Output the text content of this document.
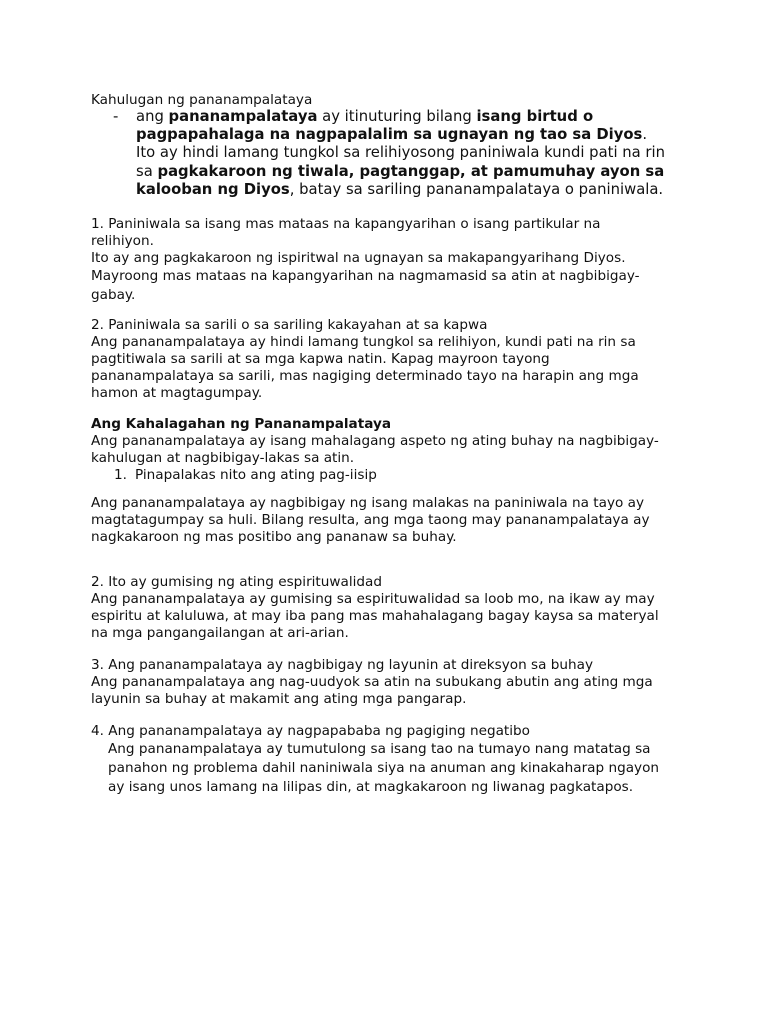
Kahulugan ng pananampalataya

- ang pananampalataya ay itinuturing bilang isang birtud o
pagpapahalaga na nagpapalalim sa ugnayan ng tao sa Diyos.
Ito ay hindi lamang tungkol sa relihiyosong paniniwala kundi pati na rin
sa pagkakaroon ng tiwala, pagtanggap, at pamumuhay ayon sa
kalooban ng Diyos, batay sa sariling pananampalataya o paniniwala.

1. Paniniwala sa isang mas mataas na kapangyarihan o isang partikular na

relihiyon.

Ito ay ang pagkakaroon ng ispiritwal na ugnayan sa makapangyarihang Diyos.

Mayroong mas mataas na kapangyarihan na nagmamasid sa atin at nagbibigay-

gabay.

2. Paniniwala sa sarili o sa sariling kakayahan at sa kapwa

Ang pananampalataya ay hindi lamang tungkol sa relihiyon, kundi pati na rin sa

pagtitiwala sa sarili at sa mga kapwa natin. Kapag mayroon tayong

pananampalataya sa sarili, mas nagiging determinado tayo na harapin ang mga

hamon at magtagumpay.

Ang Kahalagahan ng Pananampalataya

Ang pananampalataya ay isang mahalagang aspeto ng ating buhay na nagbibigay-

kahulugan at nagbibigay-lakas sa atin.

1. Pinapalakas nito ang ating pag-iisip

Ang pananampalataya ay nagbibigay ng isang malakas na paniniwala na tayo ay

magtatagumpay sa huli. Bilang resulta, ang mga taong may pananampalataya ay

nagkakaroon ng mas positibo ang pananaw sa buhay.

2. Ito ay gumising ng ating espirituwalidad

Ang pananampalataya ay gumising sa espirituwalidad sa loob mo, na ikaw ay may

espiritu at kaluluwa, at may iba pang mas mahahalagang bagay kaysa sa materyal

na mga pangangailangan at ari-arian.

3. Ang pananampalataya ay nagbibigay ng layunin at direksyon sa buhay

Ang pananampalataya ang nag-uudyok sa atin na subukang abutin ang ating mga

layunin sa buhay at makamit ang ating mga pangarap.

4. Ang pananampalataya ay nagpapababa ng pagiging negatibo

Ang pananampalataya ay tumutulong sa isang tao na tumayo nang matatag sa

panahon ng problema dahil naniniwala siya na anuman ang kinakaharap ngayon

ay isang unos lamang na lilipas din, at magkakaroon ng liwanag pagkatapos.
